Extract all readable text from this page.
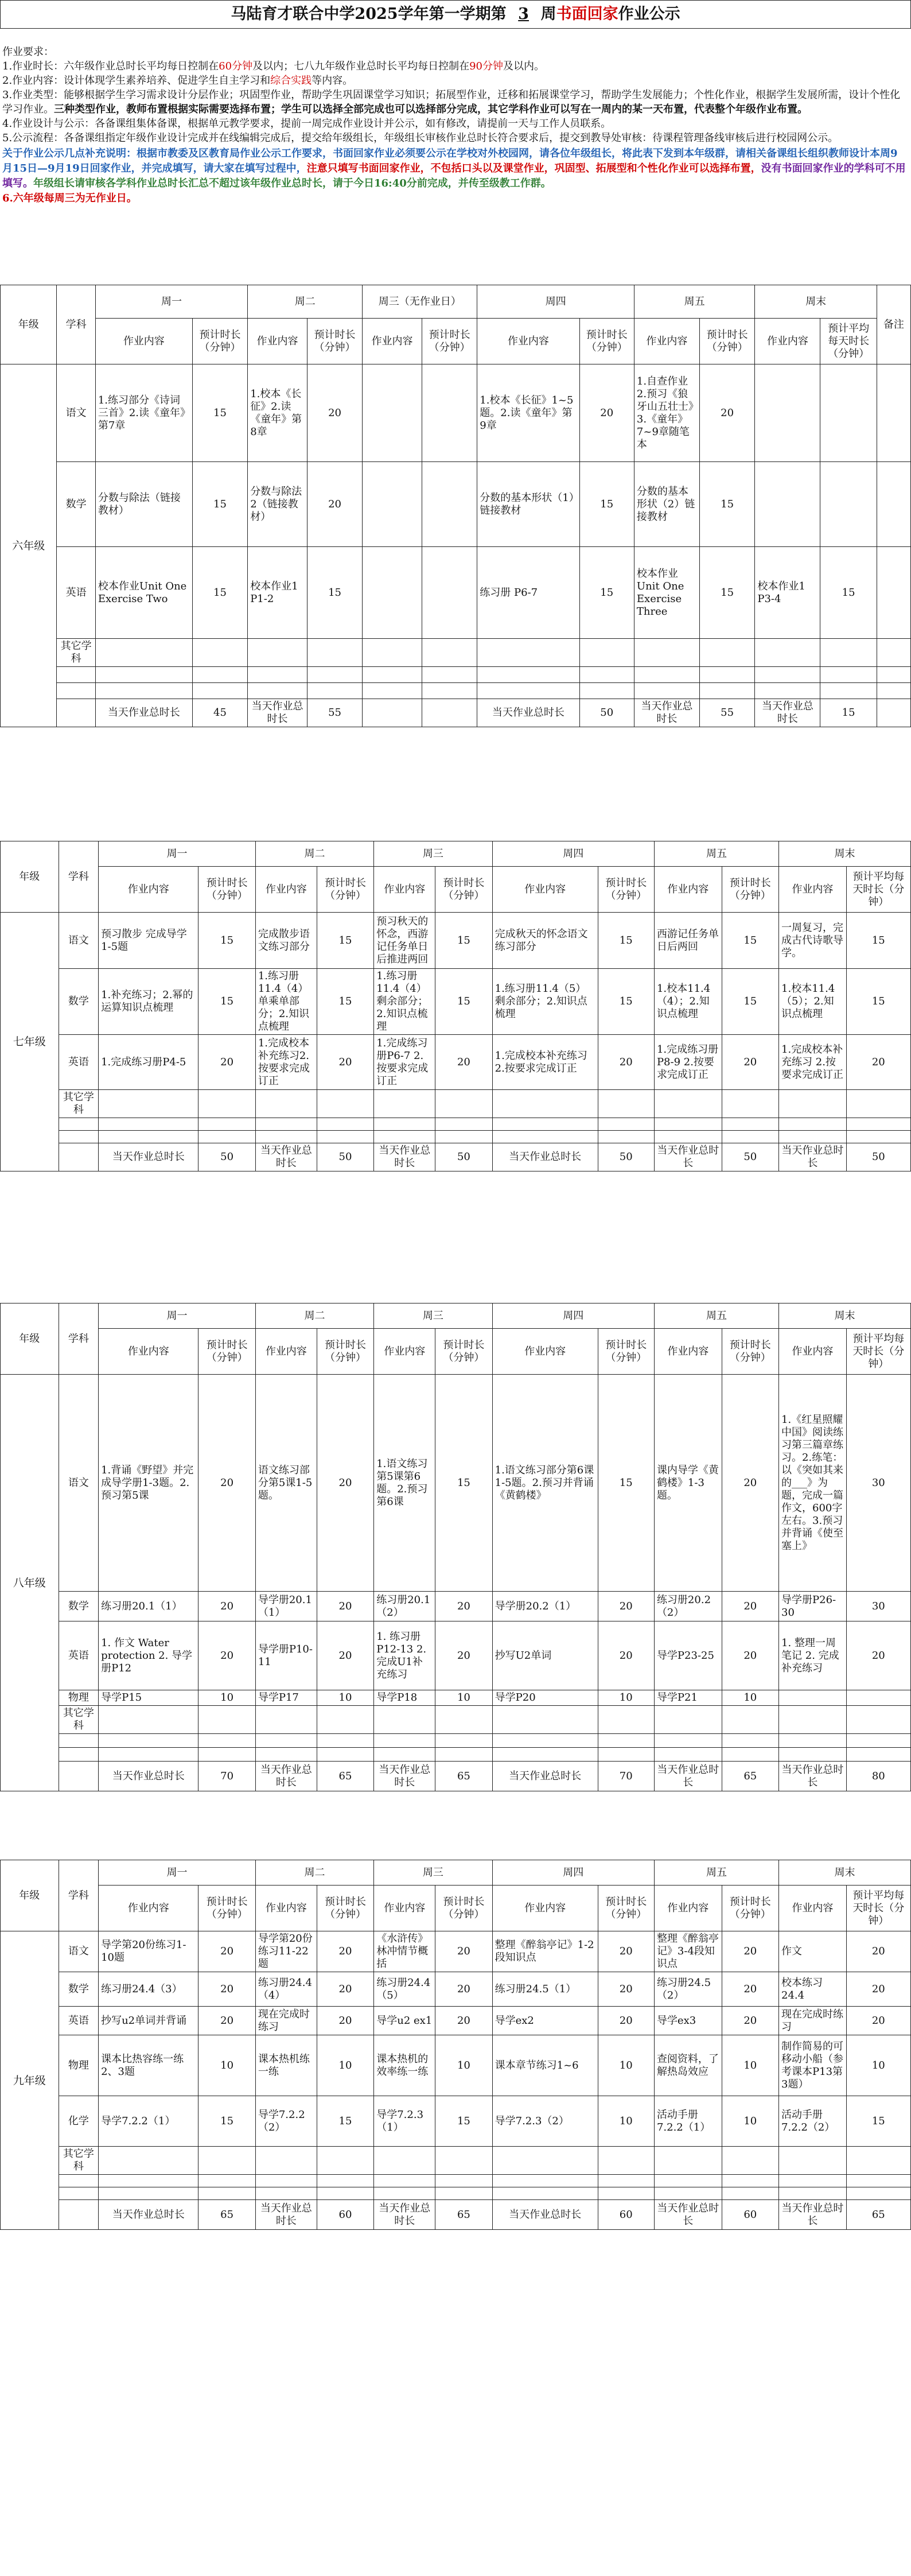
马陆育才联合中学2025学年第一学期第 3 周书面回家作业公示

作业要求：

1.作业时长：六年级作业总时长平均每日控制在60分钟及以内；七八九年级作业总时长平均每日控制在90分钟及以内。

2.作业内容：设计体现学生素养培养、促进学生自主学习和综合实践等内容。

3.作业类型：能够根据学生学习需求设计分层作业；巩固型作业，帮助学生巩固课堂学习知识；拓展型作业，迁移和拓展课堂学习，帮助学生发展能力；个性化作业，根据学生发展所需，设计个性化学习作业。三种类型作业，教师布置根据实际需要选择布置；学生可以选择全部完成也可以选择部分完成，其它学科作业可以写在一周内的某一天布置，代表整个年级作业布置。

4.作业设计与公示：各备课组集体备课，根据单元教学要求，提前一周完成作业设计并公示，如有修改，请提前一天与工作人员联系。

5.公示流程：各备课组指定年级作业设计完成并在线编辑完成后，提交给年级组长，年级组长审核作业总时长符合要求后，提交到教导处审核：待课程管理备线审核后进行校园网公示。

关于作业公示几点补充说明：根据市教委及区教育局作业公示工作要求，书面回家作业必须要公示在学校对外校园网，请各位年级组长，将此表下发到本年级群，请相关备课组长组织教师设计本周9月15日—9月19日回家作业，并完成填写，请大家在填写过程中，注意只填写书面回家作业，不包括口头以及课堂作业，巩固型、拓展型和个性化作业可以选择布置，没有书面回家作业的学科可不用填写。年级组长请审核各学科作业总时长汇总不超过该年级作业总时长，请于今日16:40分前完成，并传至级教工作群。

6.六年级每周三为无作业日。

年级	学科	周一		周二		周三（无作业日）		周四		周五		周末		备注
		作业内容	预计时长（分钟）	作业内容	预计时长（分钟）	作业内容	预计时长（分钟）	作业内容	预计时长（分钟）	作业内容	预计时长（分钟）	作业内容	预计平均每天时长（分钟）	
六年级	语文	1.练习部分《诗词三首》2.读《童年》第7章	15	1.校本《长征》2.读《童年》第8章	20			1.校本《长征》1~5题。2.读《童年》第9章	20	1.自查作业2.预习《狼牙山五壮士》3.《童年》7~9章随笔本	20			
	数学	分数与除法（链接教材）	15	分数与除法2（链接教材）	20			分数的基本形状（1）链接教材	15	分数的基本形状（2）链接教材	15			
	英语	校本作业Unit One Exercise Two	15	校本作业1 P1-2	15			练习册 P6-7	15	校本作业Unit One Exercise Three	15	校本作业1 P3-4	15	
	其它学科													

		当天作业总时长	45	当天作业总时长	55			当天作业总时长	50	当天作业总时长	55	当天作业总时长	15	
年级	学科	周一		周二		周三		周四		周五		周末	
		作业内容	预计时长（分钟）	作业内容	预计时长（分钟）	作业内容	预计时长（分钟）	作业内容	预计时长（分钟）	作业内容	预计时长（分钟）	作业内容	预计平均每天时长（分钟）
七年级	语文	预习散步 完成导学1-5题	15	完成散步语文练习部分	15	预习秋天的怀念，西游记任务单日后推进两回	15	完成秋天的怀念语文练习部分	15	西游记任务单日后两回	15	一周复习，完成古代诗歌导学。	15
	数学	1.补充练习；2.幂的运算知识点梳理	15	1.练习册11.4（4）单乘单部分；2.知识点梳理	15	1.练习册11.4（4）剩余部分；2.知识点梳理	15	1.练习册11.4（5）剩余部分；2.知识点梳理	15	1.校本11.4（4）；2.知识点梳理	15	1.校本11.4（5）；2.知识点梳理	15
	英语	1.完成练习册P4-5	20	1.完成校本补充练习2.按要求完成订正	20	1.完成练习册P6-7 2.按要求完成订正	20	1.完成校本补充练习 2.按要求完成订正	20	1.完成练习册P8-9 2.按要求完成订正	20	1.完成校本补充练习 2.按要求完成订正	20
	其它学科												

		当天作业总时长	50	当天作业总时长	50	当天作业总时长	50	当天作业总时长	50	当天作业总时长	50	当天作业总时长	50
年级	学科	周一		周二		周三		周四		周五		周末	
		作业内容	预计时长（分钟）	作业内容	预计时长（分钟）	作业内容	预计时长（分钟）	作业内容	预计时长（分钟）	作业内容	预计时长（分钟）	作业内容	预计平均每天时长（分钟）
八年级	语文	1.背诵《野望》并完成导学册1-3题。2.预习第5课	20	语文练习部分第5课1-5题。	20	1.语文练习第5课第6题。2.预习第6课	15	1.语文练习部分第6课1-5题。2.预习并背诵《黄鹤楼》	15	课内导学《黄鹤楼》1-3题。	20	1.《红星照耀中国》阅读练习第三篇章练习。2.练笔：以《突如其来的___》为题，完成一篇作文，600字左右。3.预习并背诵《使至塞上》	30
	数学	练习册20.1（1）	20	导学册20.1（1）	20	练习册20.1（2）	20	导学册20.2（1）	20	练习册20.2（2）	20	导学册P26-30	30
	英语	1. 作文 Water protection 2. 导学册P12	20	导学册P10-11	20	1. 练习册P12-13 2. 完成U1补充练习	20	抄写U2单词	20	导学P23-25	20	1. 整理一周笔记 2. 完成补充练习	20
	物理	导学P15	10	导学P17	10	导学P18	10	导学P20	10	导学P21	10		
	其它学科												

		当天作业总时长	70	当天作业总时长	65	当天作业总时长	65	当天作业总时长	70	当天作业总时长	65	当天作业总时长	80
年级	学科	周一		周二		周三		周四		周五		周末	
		作业内容	预计时长（分钟）	作业内容	预计时长（分钟）	作业内容	预计时长（分钟）	作业内容	预计时长（分钟）	作业内容	预计时长（分钟）	作业内容	预计平均每天时长（分钟）
九年级	语文	导学第20份练习1-10题	20	导学第20份练习11-22题	20	《水浒传》林冲情节概括	20	整理《醉翁亭记》1-2段知识点	20	整理《醉翁亭记》3-4段知识点	20	作文	20
	数学	练习册24.4（3）	20	练习册24.4（4）	20	练习册24.4（5）	20	练习册24.5（1）	20	练习册24.5（2）	20	校本练习24.4	20
	英语	抄写u2单词并背诵	20	现在完成时练习	20	导学u2 ex1	20	导学ex2	20	导学ex3	20	现在完成时练习	20
	物理	课本比热容练一练2、3题	10	课本热机练一练	10	课本热机的效率练一练	10	课本章节练习1~6	10	查阅资料，了解热岛效应	10	制作简易的可移动小船（参考课本P13第3题）	10
	化学	导学7.2.2（1）	15	导学7.2.2（2）	15	导学7.2.3（1）	15	导学7.2.3（2）	10	活动手册7.2.2（1）	10	活动手册7.2.2（2）	15
	其它学科												

		当天作业总时长	65	当天作业总时长	60	当天作业总时长	65	当天作业总时长	60	当天作业总时长	60	当天作业总时长	65
